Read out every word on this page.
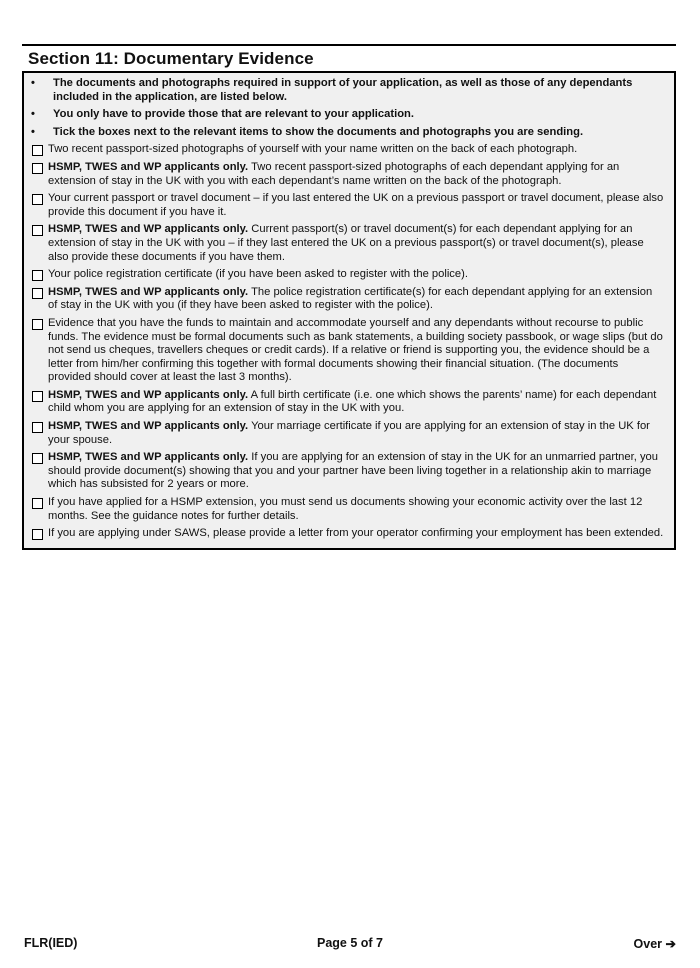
Section 11: Documentary Evidence
•	The documents and photographs required in support of your application, as well as those of any dependants included in the application, are listed below.
•	You only have to provide those that are relevant to your application.
•	Tick the boxes next to the relevant items to show the documents and photographs you are sending.
Two recent passport-sized photographs of yourself with your name written on the back of each photograph.
HSMP, TWES and WP applicants only. Two recent passport-sized photographs of each dependant applying for an extension of stay in the UK with you with each dependant’s name written on the back of the photograph.
Your current passport or travel document – if you last entered the UK on a previous passport or travel document, please also provide this document if you have it.
HSMP, TWES and WP applicants only. Current passport(s) or travel document(s) for each dependant applying for an extension of stay in the UK with you – if they last entered the UK on a previous passport(s) or travel document(s), please also provide these documents if you have them.
Your police registration certificate (if you have been asked to register with the police).
HSMP, TWES and WP applicants only. The police registration certificate(s) for each dependant applying for an extension of stay in the UK with you (if they have been asked to register with the police).
Evidence that you have the funds to maintain and accommodate yourself and any dependants without recourse to public funds. The evidence must be formal documents such as bank statements, a building society passbook, or wage slips (but do not send us cheques, travellers cheques or credit cards). If a relative or friend is supporting you, the evidence should be a letter from him/her confirming this together with formal documents showing their financial situation. (The documents provided should cover at least the last 3 months).
HSMP, TWES and WP applicants only. A full birth certificate (i.e. one which shows the parents’ name) for each dependant child whom you are applying for an extension of stay in the UK with you.
HSMP, TWES and WP applicants only. Your marriage certificate if you are applying for an extension of stay in the UK for your spouse.
HSMP, TWES and WP applicants only. If you are applying for an extension of stay in the UK for an unmarried partner, you should provide document(s) showing that you and your partner have been living together in a relationship akin to marriage which has subsisted for 2 years or more.
If you have applied for a HSMP extension, you must send us documents showing your economic activity over the last 12 months. See the guidance notes for further details.
If you are applying under SAWS, please provide a letter from your operator confirming your employment has been extended.
FLR(IED)	Page 5 of 7	Over ➔
